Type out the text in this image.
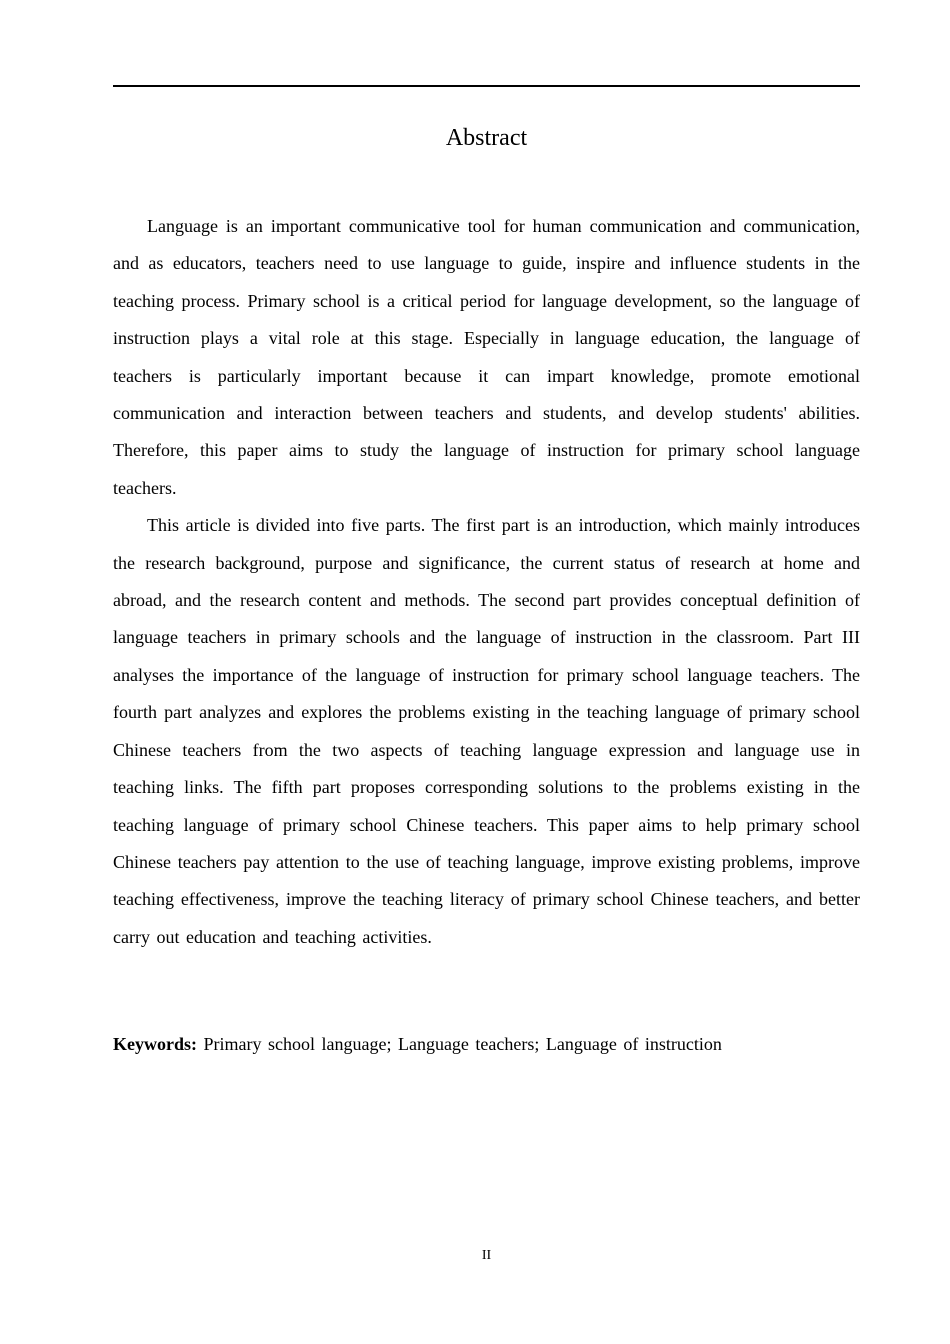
Abstract

Language is an important communicative tool for human communication and communication, and as educators, teachers need to use language to guide, inspire and influence students in the teaching process. Primary school is a critical period for language development, so the language of instruction plays a vital role at this stage. Especially in language education, the language of teachers is particularly important because it can impart knowledge, promote emotional communication and interaction between teachers and students, and develop students' abilities. Therefore, this paper aims to study the language of instruction for primary school language teachers.

This article is divided into five parts. The first part is an introduction, which mainly introduces the research background, purpose and significance, the current status of research at home and abroad, and the research content and methods. The second part provides conceptual definition of language teachers in primary schools and the language of instruction in the classroom. Part III analyses the importance of the language of instruction for primary school language teachers. The fourth part analyzes and explores the problems existing in the teaching language of primary school Chinese teachers from the two aspects of teaching language expression and language use in teaching links. The fifth part proposes corresponding solutions to the problems existing in the teaching language of primary school Chinese teachers. This paper aims to help primary school Chinese teachers pay attention to the use of teaching language, improve existing problems, improve teaching effectiveness, improve the teaching literacy of primary school Chinese teachers, and better carry out education and teaching activities.

Keywords: Primary school language; Language teachers; Language of instruction
II
